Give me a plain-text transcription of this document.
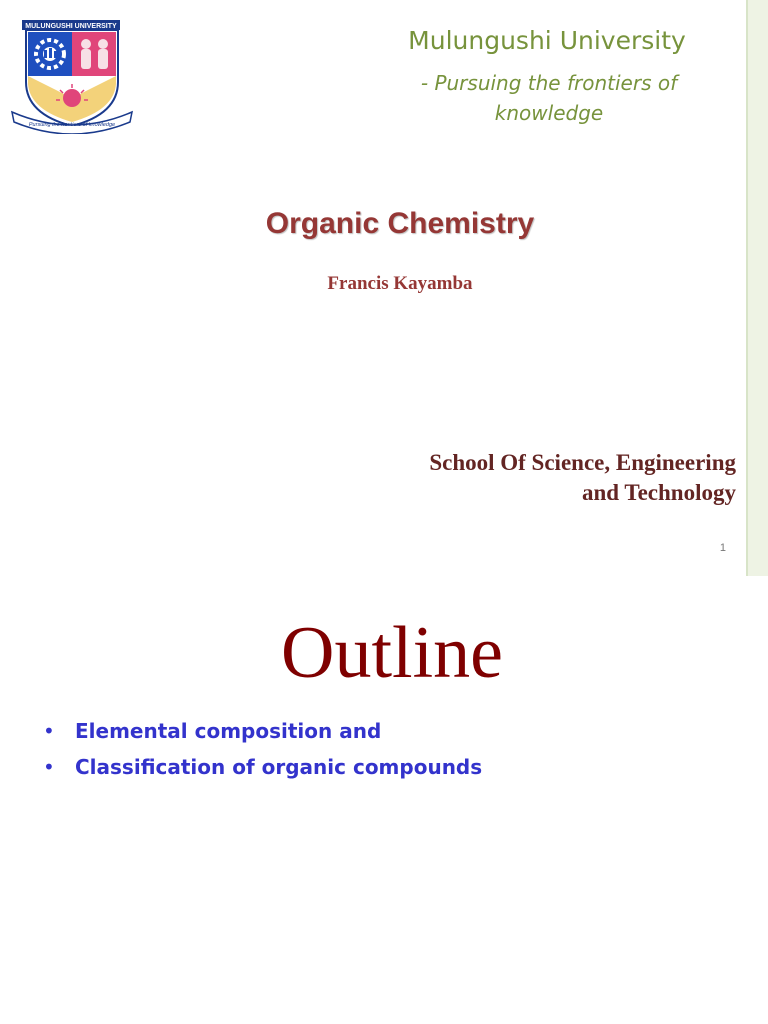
MULUNGUSHI UNIVERSITY
Pursuing the frontiers of knowledge
Mulungushi University
- Pursuing the frontiers of
knowledge
Organic Chemistry
Francis Kayamba
School Of Science, Engineering
and Technology
1
Outline
• Elemental composition and
• Classification of organic compounds
